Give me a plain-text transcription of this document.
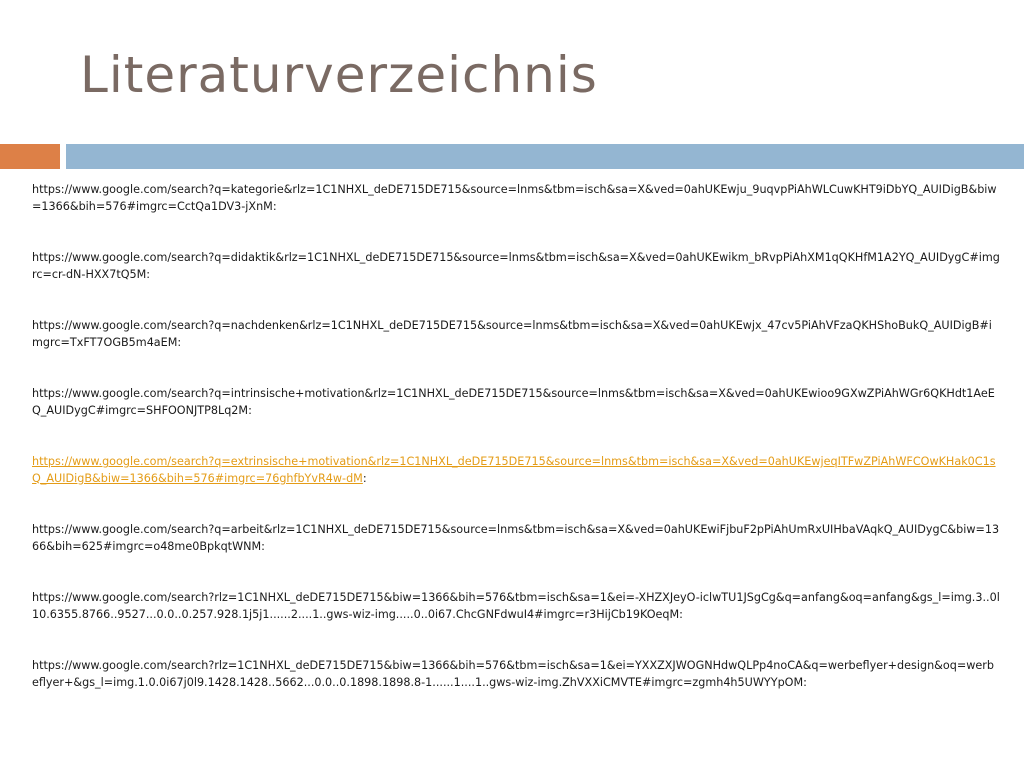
Literaturverzeichnis

https://www.google.com/search?q=kategorie&rlz=1C1NHXL_deDE715DE715&source=lnms&tbm=isch&sa=X&ved=0ahUKEwju_9uqvpPiAhWLCuwKHT9iDbYQ_AUIDigB&biw=1366&bih=576#imgrc=CctQa1DV3-jXnM:

https://www.google.com/search?q=didaktik&rlz=1C1NHXL_deDE715DE715&source=lnms&tbm=isch&sa=X&ved=0ahUKEwikm_bRvpPiAhXM1qQKHfM1A2YQ_AUIDygC#imgrc=cr-dN-HXX7tQ5M:

https://www.google.com/search?q=nachdenken&rlz=1C1NHXL_deDE715DE715&source=lnms&tbm=isch&sa=X&ved=0ahUKEwjx_47cv5PiAhVFzaQKHShoBukQ_AUIDigB#imgrc=TxFT7OGB5m4aEM:

https://www.google.com/search?q=intrinsische+motivation&rlz=1C1NHXL_deDE715DE715&source=lnms&tbm=isch&sa=X&ved=0ahUKEwioo9GXwZPiAhWGr6QKHdt1AeEQ_AUIDygC#imgrc=SHFOONJTP8Lq2M:

https://www.google.com/search?q=extrinsische+motivation&rlz=1C1NHXL_deDE715DE715&source=lnms&tbm=isch&sa=X&ved=0ahUKEwjeqITFwZPiAhWFCOwKHak0C1sQ_AUIDigB&biw=1366&bih=576#imgrc=76ghfbYvR4w-dM:

https://www.google.com/search?q=arbeit&rlz=1C1NHXL_deDE715DE715&source=lnms&tbm=isch&sa=X&ved=0ahUKEwiFjbuF2pPiAhUmRxUIHbaVAqkQ_AUIDygC&biw=1366&bih=625#imgrc=o48me0BpkqtWNM:

https://www.google.com/search?rlz=1C1NHXL_deDE715DE715&biw=1366&bih=576&tbm=isch&sa=1&ei=-XHZXJeyO-iclwTU1JSgCg&q=anfang&oq=anfang&gs_l=img.3..0l10.6355.8766..9527...0.0..0.257.928.1j5j1......2....1..gws-wiz-img.....0..0i67.ChcGNFdwuI4#imgrc=r3HijCb19KOeqM:

https://www.google.com/search?rlz=1C1NHXL_deDE715DE715&biw=1366&bih=576&tbm=isch&sa=1&ei=YXXZXJWOGNHdwQLPp4noCA&q=werbeflyer+design&oq=werbeflyer+&gs_l=img.1.0.0i67j0l9.1428.1428..5662...0.0..0.1898.1898.8-1......1....1..gws-wiz-img.ZhVXXiCMVTE#imgrc=zgmh4h5UWYYpOM:
